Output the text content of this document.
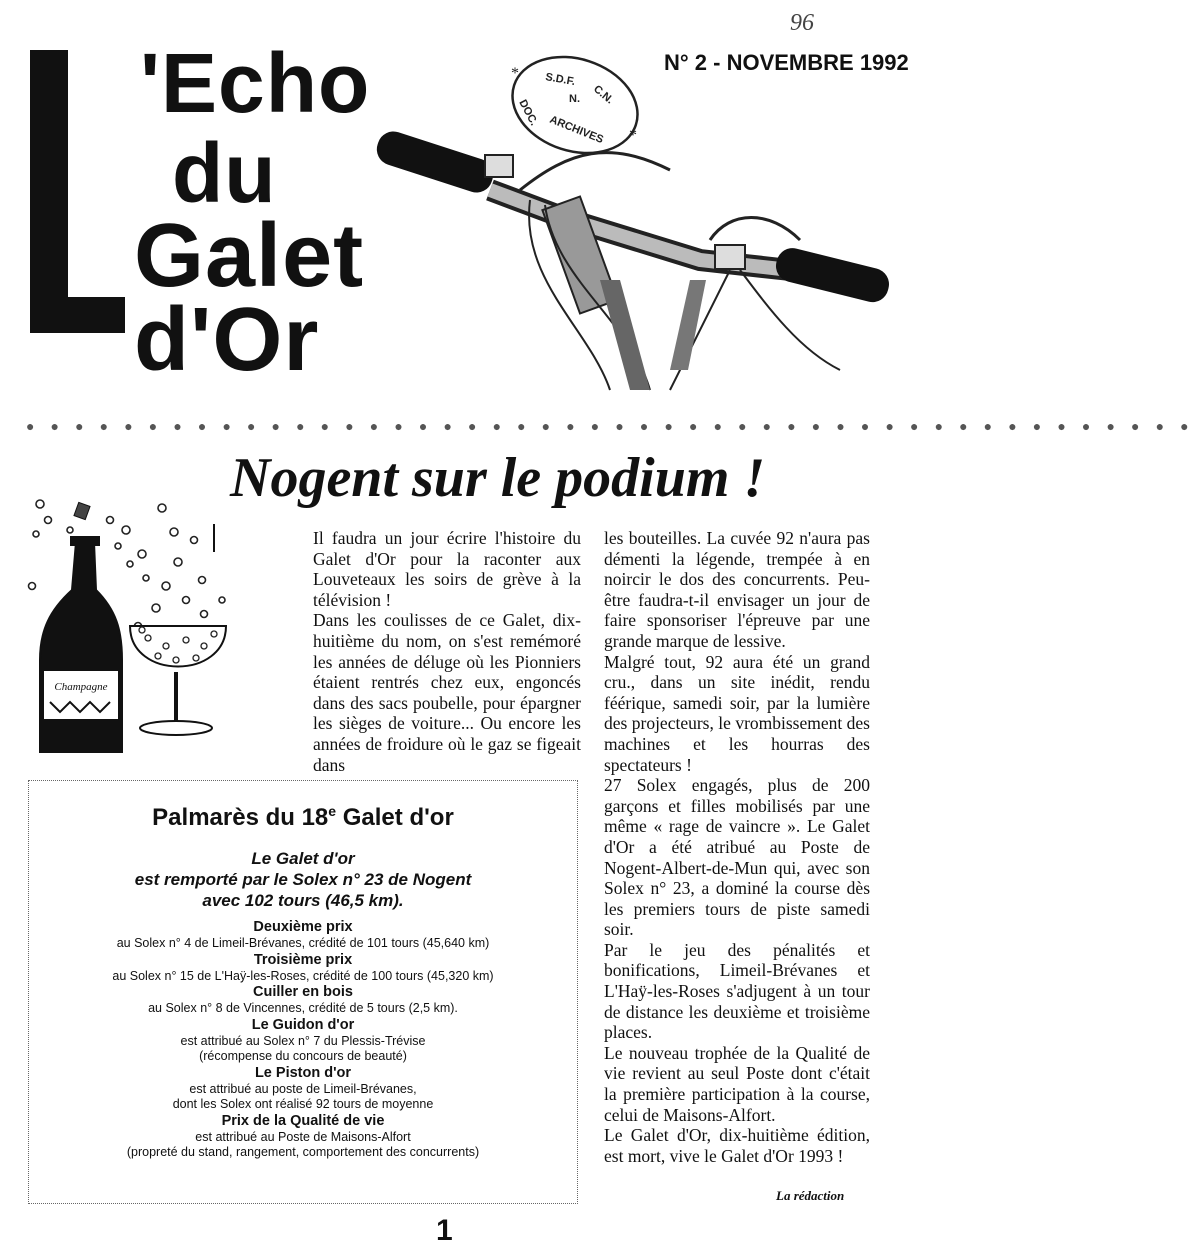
'Echo
du
Galet
d'Or
96
N° 2 - NOVEMBRE 1992
*
*
S.D.F.
C.N.
N.
DOC.
ARCHIVES
● ● ● ● ● ● ● ● ● ● ● ● ● ● ● ● ● ● ● ● ● ● ● ● ● ● ● ● ● ● ● ● ● ● ● ● ● ● ● ● ● ● ● ● ● ● ● ●
Nogent sur le podium !
Champagne

Il faudra un jour écrire l'histoire du Galet d'Or pour la raconter aux Louveteaux les soirs de grève à la télévision !

Dans les coulisses de ce Galet, dix-huitième du nom, on s'est remémoré les années de déluge où les Pionniers étaient rentrés chez eux, engoncés dans des sacs poubelle, pour épargner les sièges de voiture... Ou encore les années de froidure où le gaz se figeait dans

les bouteilles. La cuvée 92 n'aura pas démenti la légende, trempée à en noircir le dos des concurrents. Peu-être faudra-t-il envisager un jour de faire sponsoriser l'épreuve par une grande marque de lessive.

Malgré tout, 92 aura été un grand cru., dans un site inédit, rendu féérique, samedi soir, par la lumière des projecteurs, le vrombissement des machines et les hourras des spectateurs !

27 Solex engagés, plus de 200 garçons et filles mobilisés par une même « rage de vaincre ». Le Galet d'Or a été atribué au Poste de Nogent-Albert-de-Mun qui, avec son Solex n° 23, a dominé la course dès les premiers tours de piste samedi soir.

Par le jeu des pénalités et bonifications, Limeil-Brévanes et L'Haÿ-les-Roses s'adjugent à un tour de distance les deuxième et troisième places.

Le nouveau trophée de la Qualité de vie revient au seul Poste dont c'était la première participation à la course, celui de Maisons-Alfort.

Le Galet d'Or, dix-huitième édition, est mort, vive le Galet d'Or 1993 !

La rédaction
Palmarès du 18e Galet d'or
Le Galet d'or
est remporté par le Solex n° 23 de Nogent
avec 102 tours (46,5 km).
Deuxième prix
au Solex n° 4 de Limeil-Brévanes, crédité de 101 tours (45,640 km)
Troisième prix
au Solex n° 15 de L'Haÿ-les-Roses, crédité de 100 tours (45,320 km)
Cuiller en bois
au Solex n° 8 de Vincennes, crédité de 5 tours (2,5 km).
Le Guidon d'or
est attribué au Solex n° 7 du Plessis-Trévise
(récompense du concours de beauté)
Le Piston d'or
est attribué au poste de Limeil-Brévanes,
dont les Solex ont réalisé 92 tours de moyenne
Prix de la Qualité de vie
est attribué au Poste de Maisons-Alfort
(propreté du stand, rangement, comportement des concurrents)
1
